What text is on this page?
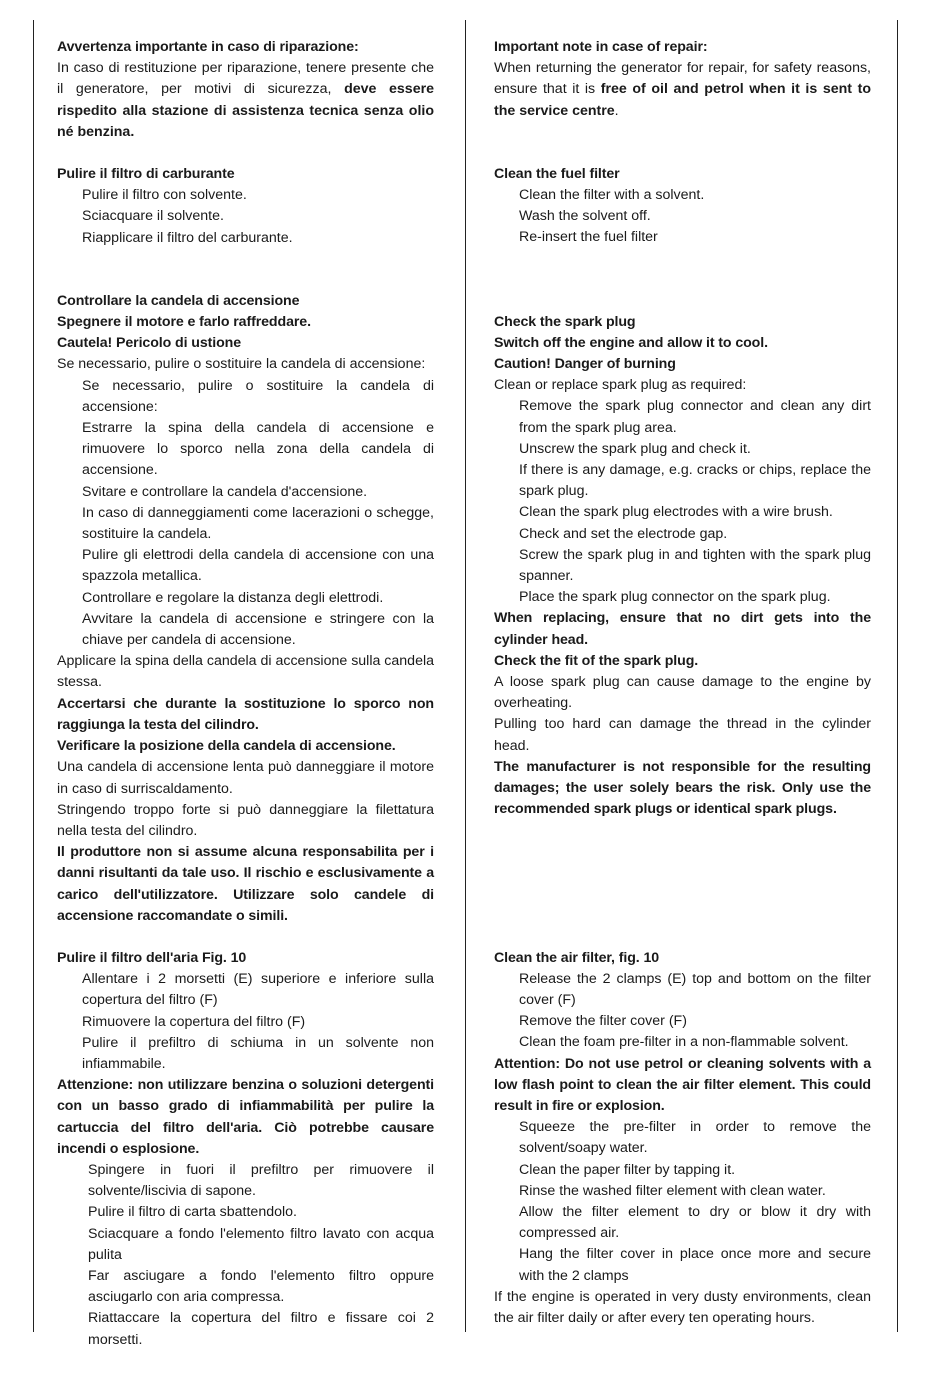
Avvertenza importante in caso di riparazione:

In caso di restituzione per riparazione, tenere presente che il generatore, per motivi di sicurezza, deve essere rispedito alla stazione di assistenza tecnica senza olio né benzina.

Pulire il filtro di carburante

Pulire il filtro con solvente.

Sciacquare il solvente.

Riapplicare il filtro del carburante.

Controllare la candela di accensione

Spegnere il motore e farlo raffreddare.

Cautela! Pericolo di ustione

Se necessario, pulire o sostituire la candela di accensione:

Se necessario, pulire o sostituire la candela di accensione:

Estrarre la spina della candela di accensione e rimuovere lo sporco nella zona della candela di accensione.

Svitare e controllare la candela d'accensione.

In caso di danneggiamenti come lacerazioni o schegge, sostituire la candela.

Pulire gli elettrodi della candela di accensione con una spazzola metallica.

Controllare e regolare la distanza degli elettrodi.

Avvitare la candela di accensione e stringere con la chiave per candela di accensione.

Applicare la spina della candela di accensione sulla candela stessa.

Accertarsi che durante la sostituzione lo sporco non raggiunga la testa del cilindro.

Verificare la posizione della candela di accensione.

Una candela di accensione lenta può danneggiare il motore in caso di surriscaldamento.

Stringendo troppo forte si può danneggiare la filettatura nella testa del cilindro.

Il produttore non si assume alcuna responsabilita per i danni risultanti da tale uso. Il rischio e esclusivamente a carico dell'utilizzatore. Utilizzare solo candele di accensione raccomandate o simili.

Pulire il filtro dell'aria Fig. 10

Allentare i 2 morsetti (E) superiore e inferiore sulla copertura del filtro (F)

Rimuovere la copertura del filtro (F)

Pulire il prefiltro di schiuma in un solvente non infiammabile.

Attenzione: non utilizzare benzina o soluzioni detergenti con un basso grado di infiammabilità per pulire la cartuccia del filtro dell'aria. Ciò potrebbe causare incendi o esplosione.

Spingere in fuori il prefiltro per rimuovere il solvente/liscivia di sapone.

Pulire il filtro di carta sbattendolo.

Sciacquare a fondo l'elemento filtro lavato con acqua pulita

Far asciugare a fondo l'elemento filtro oppure asciugarlo con aria compressa.

Riattaccare la copertura del filtro e fissare coi 2 morsetti.

Important note in case of repair:

When returning the generator for repair, for safety reasons, ensure that it is free of oil and petrol when it is sent to the service centre.

Clean the fuel filter

Clean the filter with a solvent.

Wash the solvent off.

Re-insert the fuel filter

Check the spark plug

Switch off the engine and allow it to cool.

Caution! Danger of burning

Clean or replace spark plug as required:

Remove the spark plug connector and clean any dirt from the spark plug area.

Unscrew the spark plug and check it.

If there is any damage, e.g. cracks or chips, replace the spark plug.

Clean the spark plug electrodes with a wire brush.

Check and set the electrode gap.

Screw the spark plug in and tighten with the spark plug spanner.

Place the spark plug connector on the spark plug.

When replacing, ensure that no dirt gets into the cylinder head.

Check the fit of the spark plug.

A loose spark plug can cause damage to the engine by overheating.

Pulling too hard can damage the thread in the cylinder head.

The manufacturer is not responsible for the resulting damages; the user solely bears the risk. Only use the recommended spark plugs or identical spark plugs.

Clean the air filter, fig. 10

Release the 2 clamps (E) top and bottom on the filter cover (F)

Remove the filter cover (F)

Clean the foam pre-filter in a non-flammable solvent.

Attention: Do not use petrol or cleaning solvents with a low flash point to clean the air filter element. This could result in fire or explosion.

Squeeze the pre-filter in order to remove the solvent/soapy water.

Clean the paper filter by tapping it.

Rinse the washed filter element with clean water.

Allow the filter element to dry or blow it dry with compressed air.

Hang the filter cover in place once more and secure with the 2 clamps

If the engine is operated in very dusty environments, clean the air filter daily or after every ten operating hours.
